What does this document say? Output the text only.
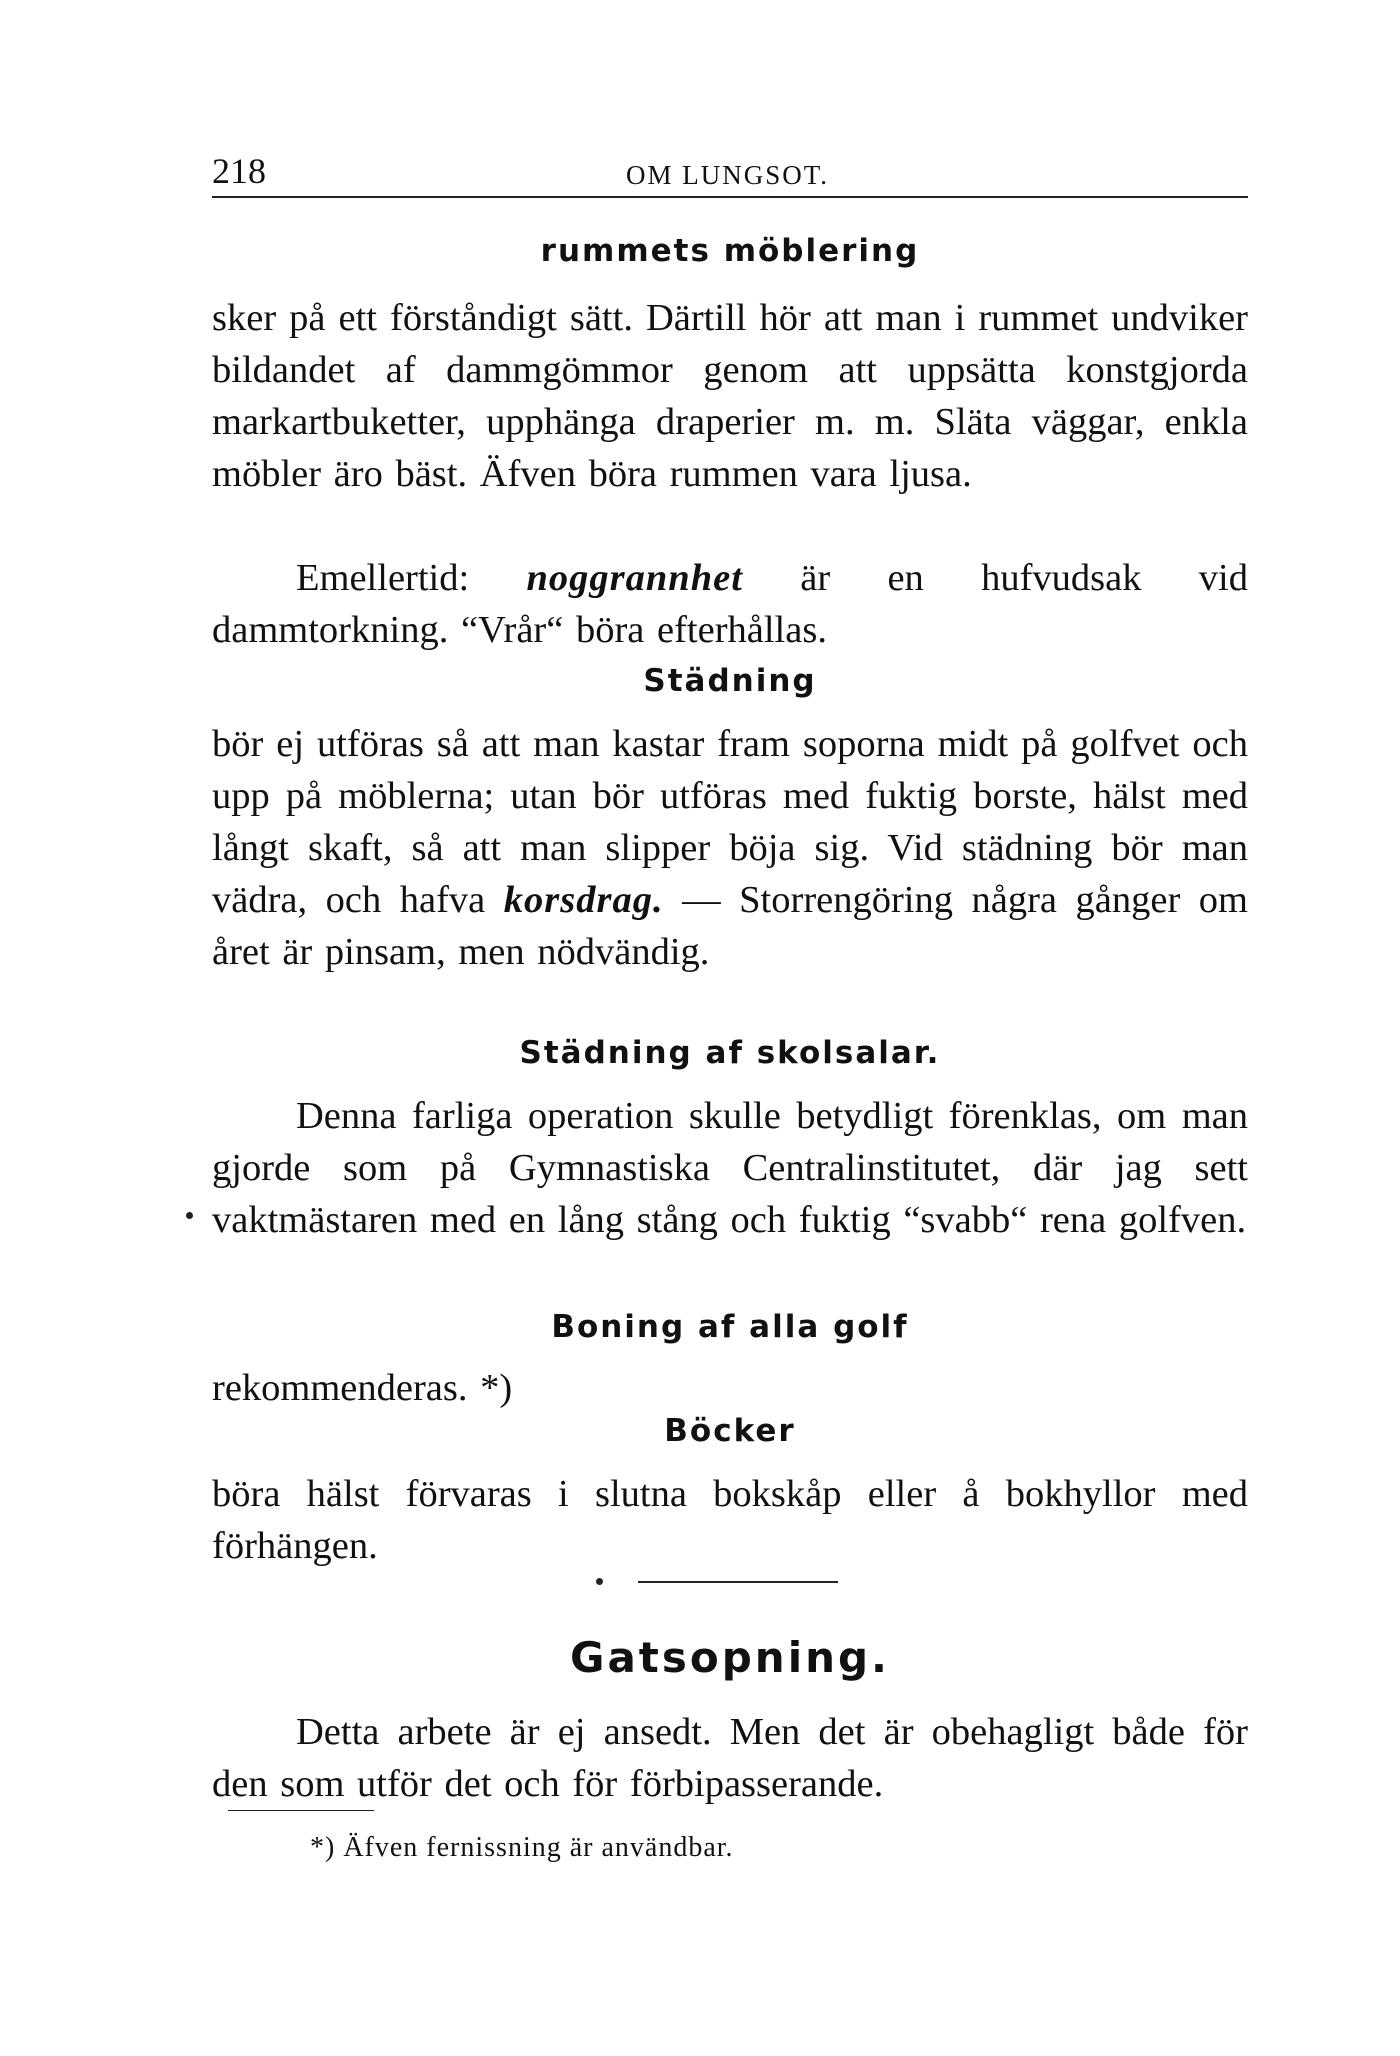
218	OM LUNGSOT.
rummets möblering

sker på ett förståndigt sätt. Därtill hör att man i rummet undviker bildandet af dammgömmor genom att uppsätta konstgjorda markartbuketter, upphänga draperier m. m. Släta väggar, enkla möbler äro bäst. Äfven böra rummen vara ljusa.

Emellertid: noggrannhet är en hufvudsak vid dammtorkning. “Vrår“ böra efterhållas.

Städning

bör ej utföras så att man kastar fram soporna midt på golfvet och upp på möblerna; utan bör utföras med fuktig borste, hälst med långt skaft, så att man slipper böja sig. Vid städning bör man vädra, och hafva korsdrag. — Storrengöring några gånger om året är pinsam, men nödvändig.

Städning af skolsalar.

Denna farliga operation skulle betydligt förenklas, om man gjorde som på Gymnastiska Centralinstitutet, där jag sett vaktmästaren med en lång stång och fuktig “svabb“ rena golfven.

Boning af alla golf

rekommenderas. *)

Böcker

böra hälst förvaras i slutna bokskåp eller å bokhyllor med förhängen.

Gatsopning.

Detta arbete är ej ansedt. Men det är obehagligt både för den som utför det och för förbipasserande.

*) Äfven fernissning är användbar.
